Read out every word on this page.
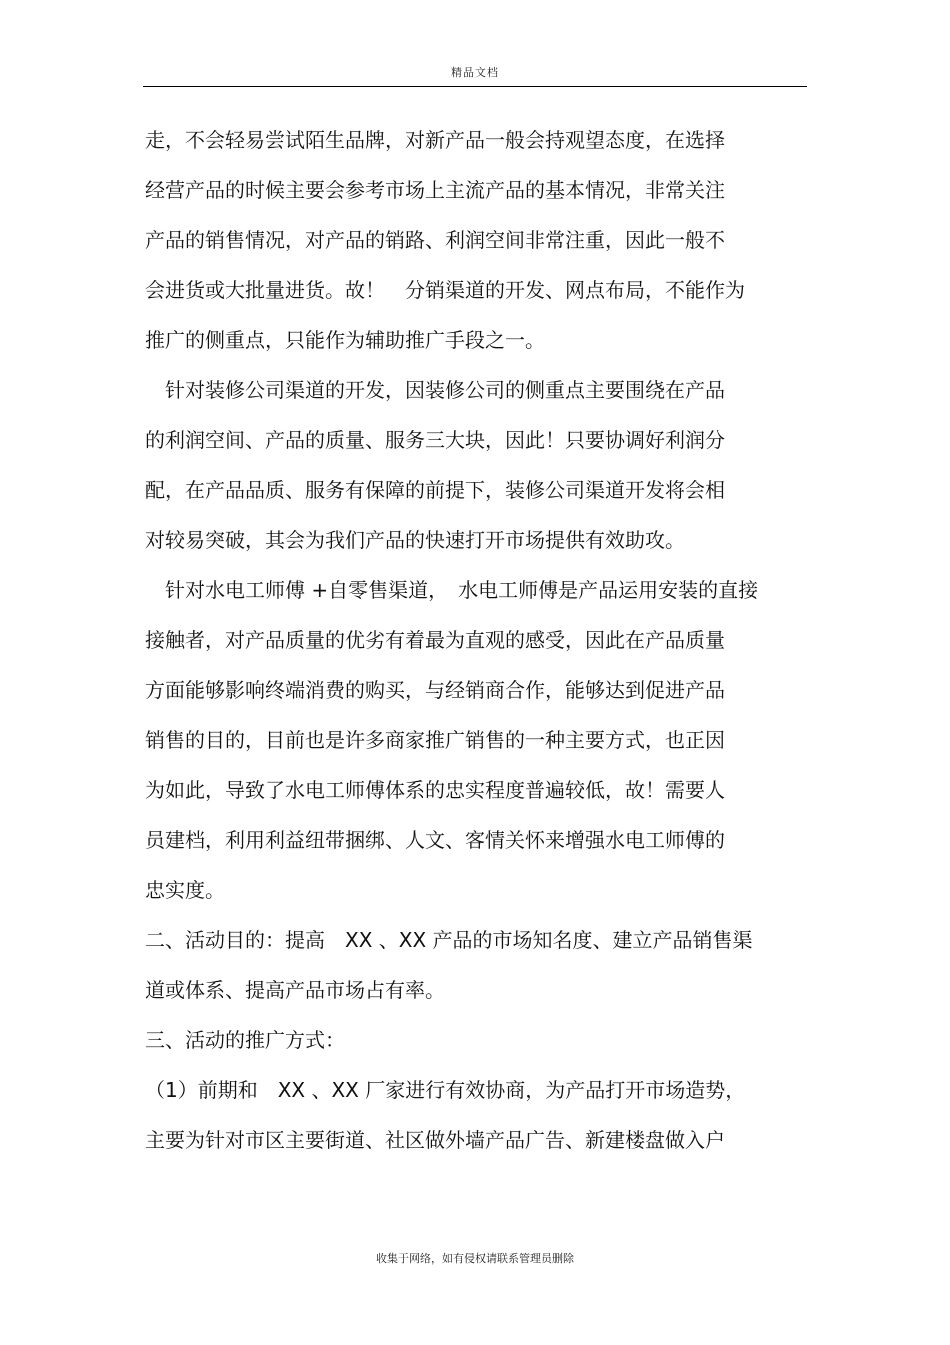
精品文档
走，不会轻易尝试陌生品牌，对新产品一般会持观望态度，在选择
经营产品的时候主要会参考市场上主流产品的基本情况，非常关注
产品的销售情况，对产品的销路、利润空间非常注重，因此一般不
会进货或大批量进货。故！　分销渠道的开发、网点布局，不能作为
推广的侧重点，只能作为辅助推广手段之一。
　针对装修公司渠道的开发，因装修公司的侧重点主要围绕在产品
的利润空间、产品的质量、服务三大块，因此！只要协调好利润分
配，在产品品质、服务有保障的前提下，装修公司渠道开发将会相
对较易突破，其会为我们产品的快速打开市场提供有效助攻。
　针对水电工师傅 +自零售渠道，　水电工师傅是产品运用安装的直接
接触者，对产品质量的优劣有着最为直观的感受，因此在产品质量
方面能够影响终端消费的购买，与经销商合作，能够达到促进产品
销售的目的，目前也是许多商家推广销售的一种主要方式，也正因
为如此，导致了水电工师傅体系的忠实程度普遍较低，故！需要人
员建档，利用利益纽带捆绑、人文、客情关怀来增强水电工师傅的
忠实度。
二、活动目的：提高　XX 、XX 产品的市场知名度、建立产品销售渠
道或体系、提高产品市场占有率。
三、活动的推广方式：
（1）前期和　XX 、XX 厂家进行有效协商，为产品打开市场造势，
主要为针对市区主要街道、社区做外墙产品广告、新建楼盘做入户
收集于网络，如有侵权请联系管理员删除
